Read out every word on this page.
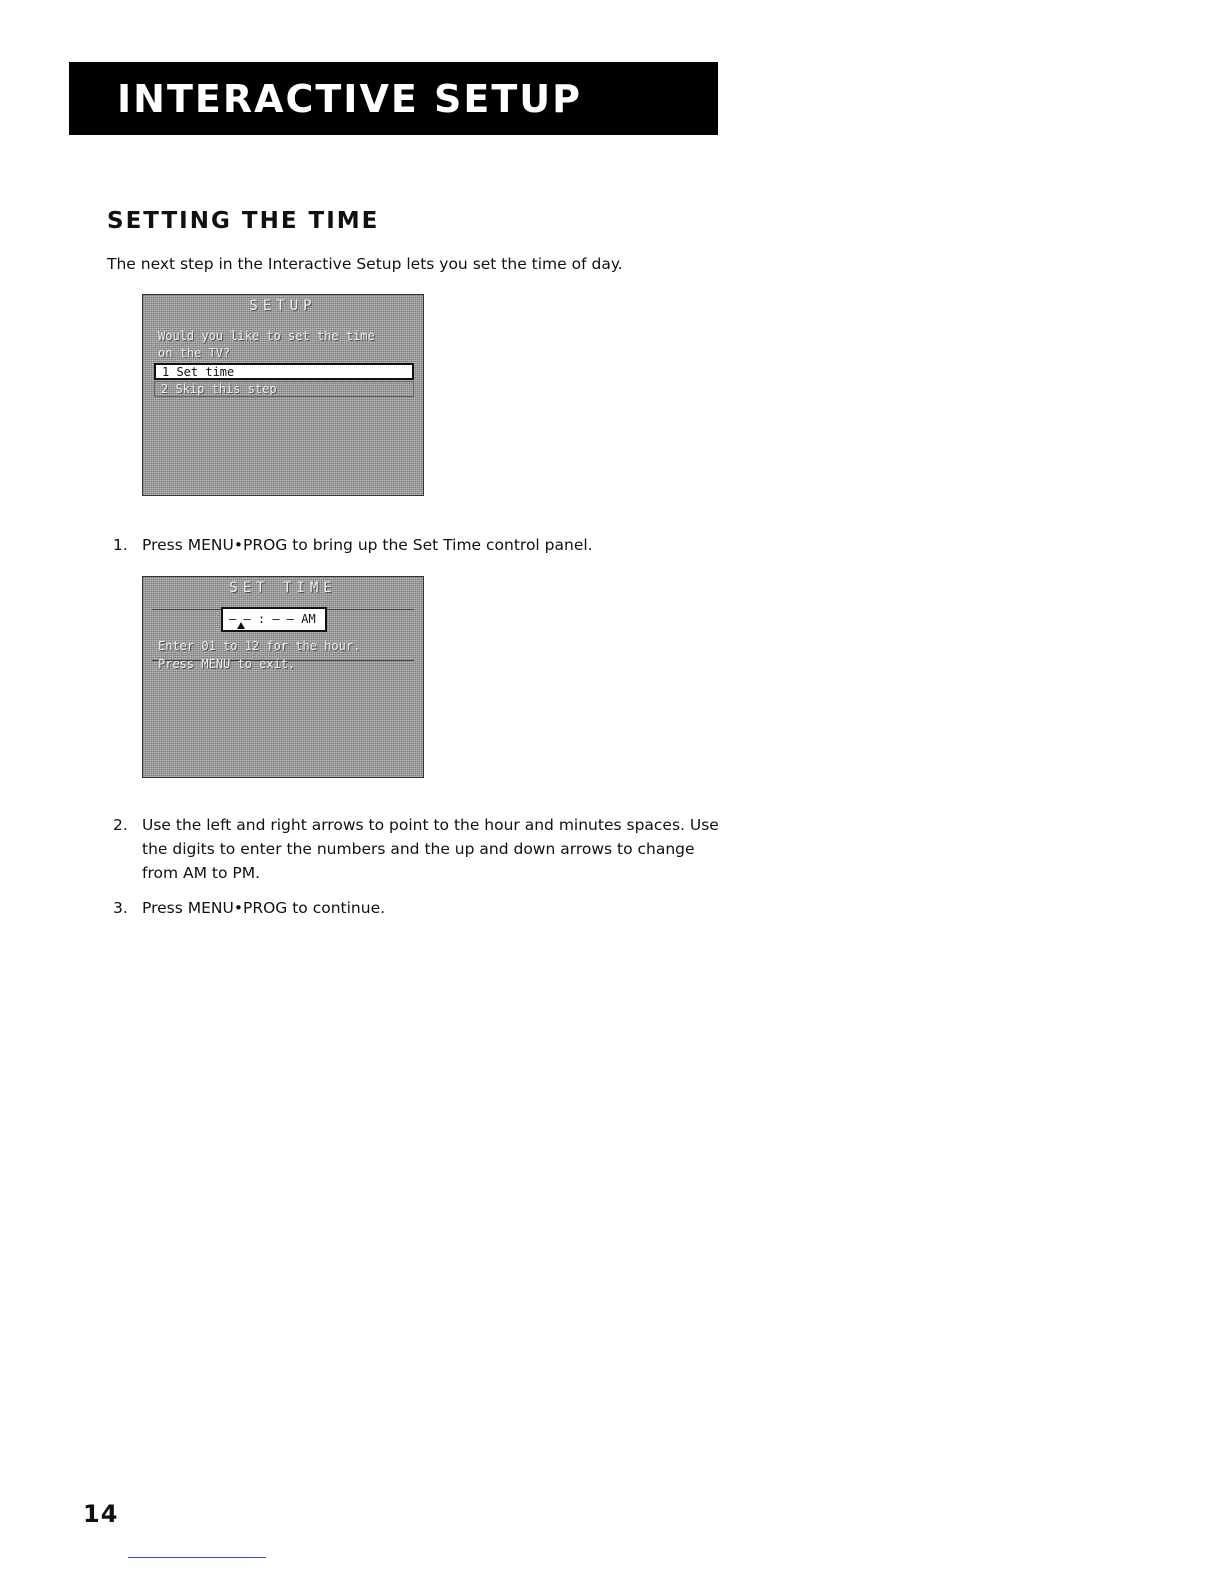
INTERACTIVE SETUP
SETTING THE TIME

The next step in the Interactive Setup lets you set the time of day.

SETUP
Would you like to set the time
on the TV?
1 Set time
2 Skip this step
1. Press MENU•PROG to bring up the Set Time control panel.
SET TIME
— — : — — AM
Enter 01 to 12 for the hour.
Press MENU to exit.
2. Use the left and right arrows to point to the hour and minutes spaces. Use the digits to enter the numbers and the up and down arrows to change from AM to PM.
3. Press MENU•PROG to continue.
14
